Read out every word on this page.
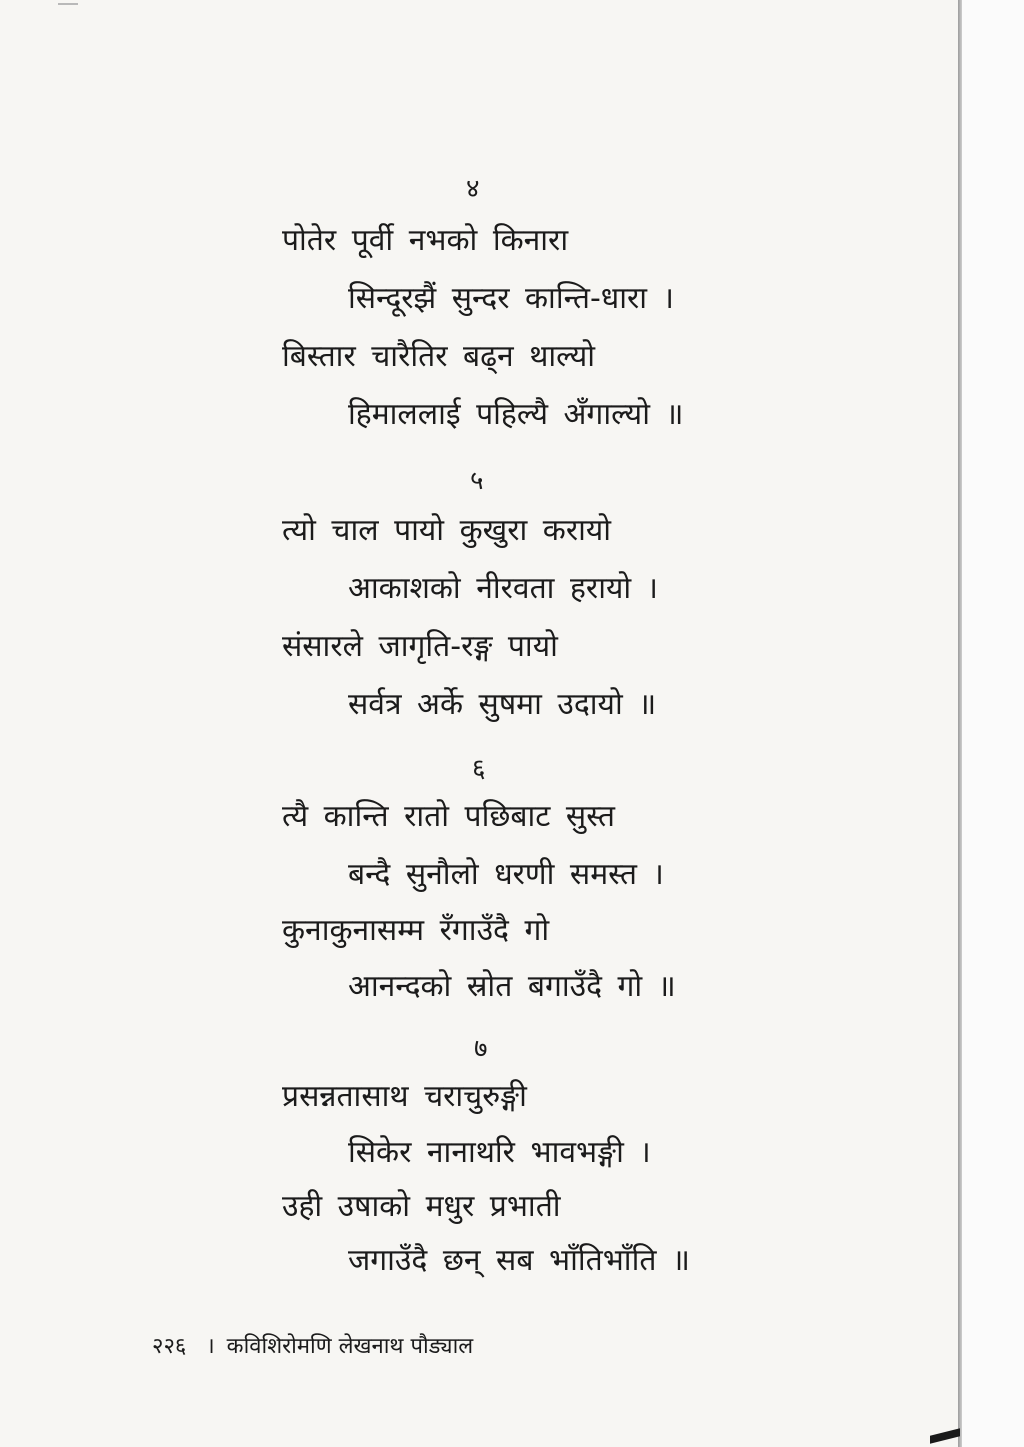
४
पोतेर पूर्वी नभको किनारा
सिन्दूरझैं सुन्दर कान्ति-धारा ।
बिस्तार चारैतिर बढ्न थाल्यो
हिमाललाई पहिल्यै अँगाल्यो ॥
५
त्यो चाल पायो कुखुरा करायो
आकाशको नीरवता हरायो ।
संसारले जागृति-रङ्ग पायो
सर्वत्र अर्के सुषमा उदायो ॥
६
त्यै कान्ति रातो पछिबाट सुस्त
बन्दै सुनौलो धरणी समस्त ।
कुनाकुनासम्म रँगाउँदै गो
आनन्दको स्रोत बगाउँदै गो ॥
७
प्रसन्नतासाथ चराचुरुङ्गी
सिकेर नानाथरि भावभङ्गी ।
उही उषाको मधुर प्रभाती
जगाउँदै छन् सब भाँतिभाँति ॥
२२६ । कविशिरोमणि लेखनाथ पौड्याल
